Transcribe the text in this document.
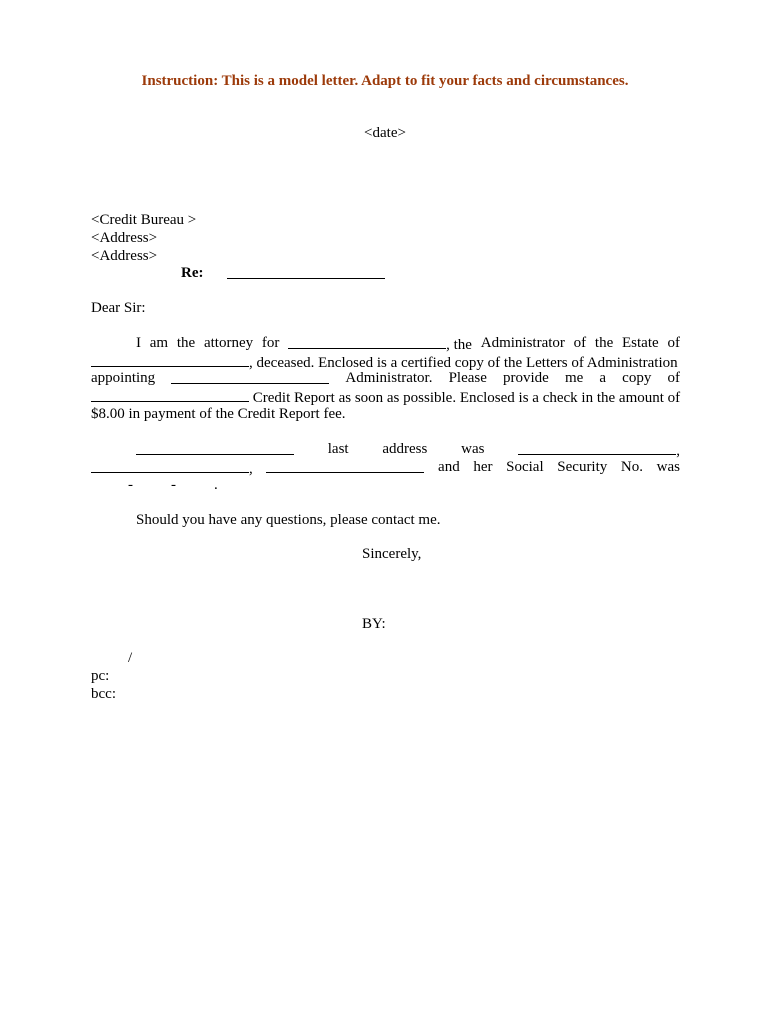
Instruction: This is a model letter. Adapt to fit your facts and circumstances.
<date>
<Credit Bureau >
<Address>
<Address>
Re:
Dear Sir:
I am the attorney for	, the Administrator of the Estate of
, deceased. Enclosed is a certified copy of the Letters of Administration
appointing	Administrator. Please provide me a copy of
Credit Report as soon as possible. Enclosed is a check in the amount of
$8.00 in payment of the Credit Report fee.
last address was	,
,	and her Social Security No. was
-	-	.
Should you have any questions, please contact me.
Sincerely,
BY:
/
pc:
bcc:
